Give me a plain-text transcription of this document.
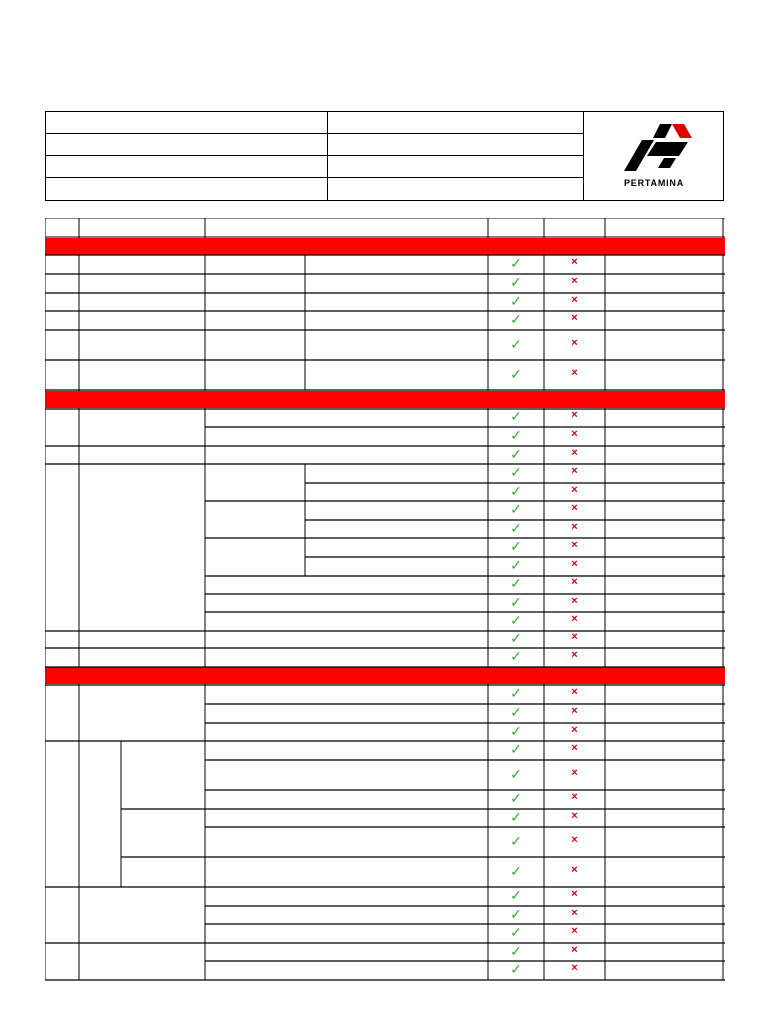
PERTAMINA
✓	×
✓	×
✓	×
✓	×
✓	×
✓	×
✓	×
✓	×
✓	×
✓	×
✓	×
✓	×
✓	×
✓	×
✓	×
✓	×
✓	×
✓	×
✓	×
✓	×
✓	×
✓	×
✓	×
✓	×
✓	×
✓	×
✓	×
✓	×
✓	×
✓	×
✓	×
✓	×
✓	×
✓	×
